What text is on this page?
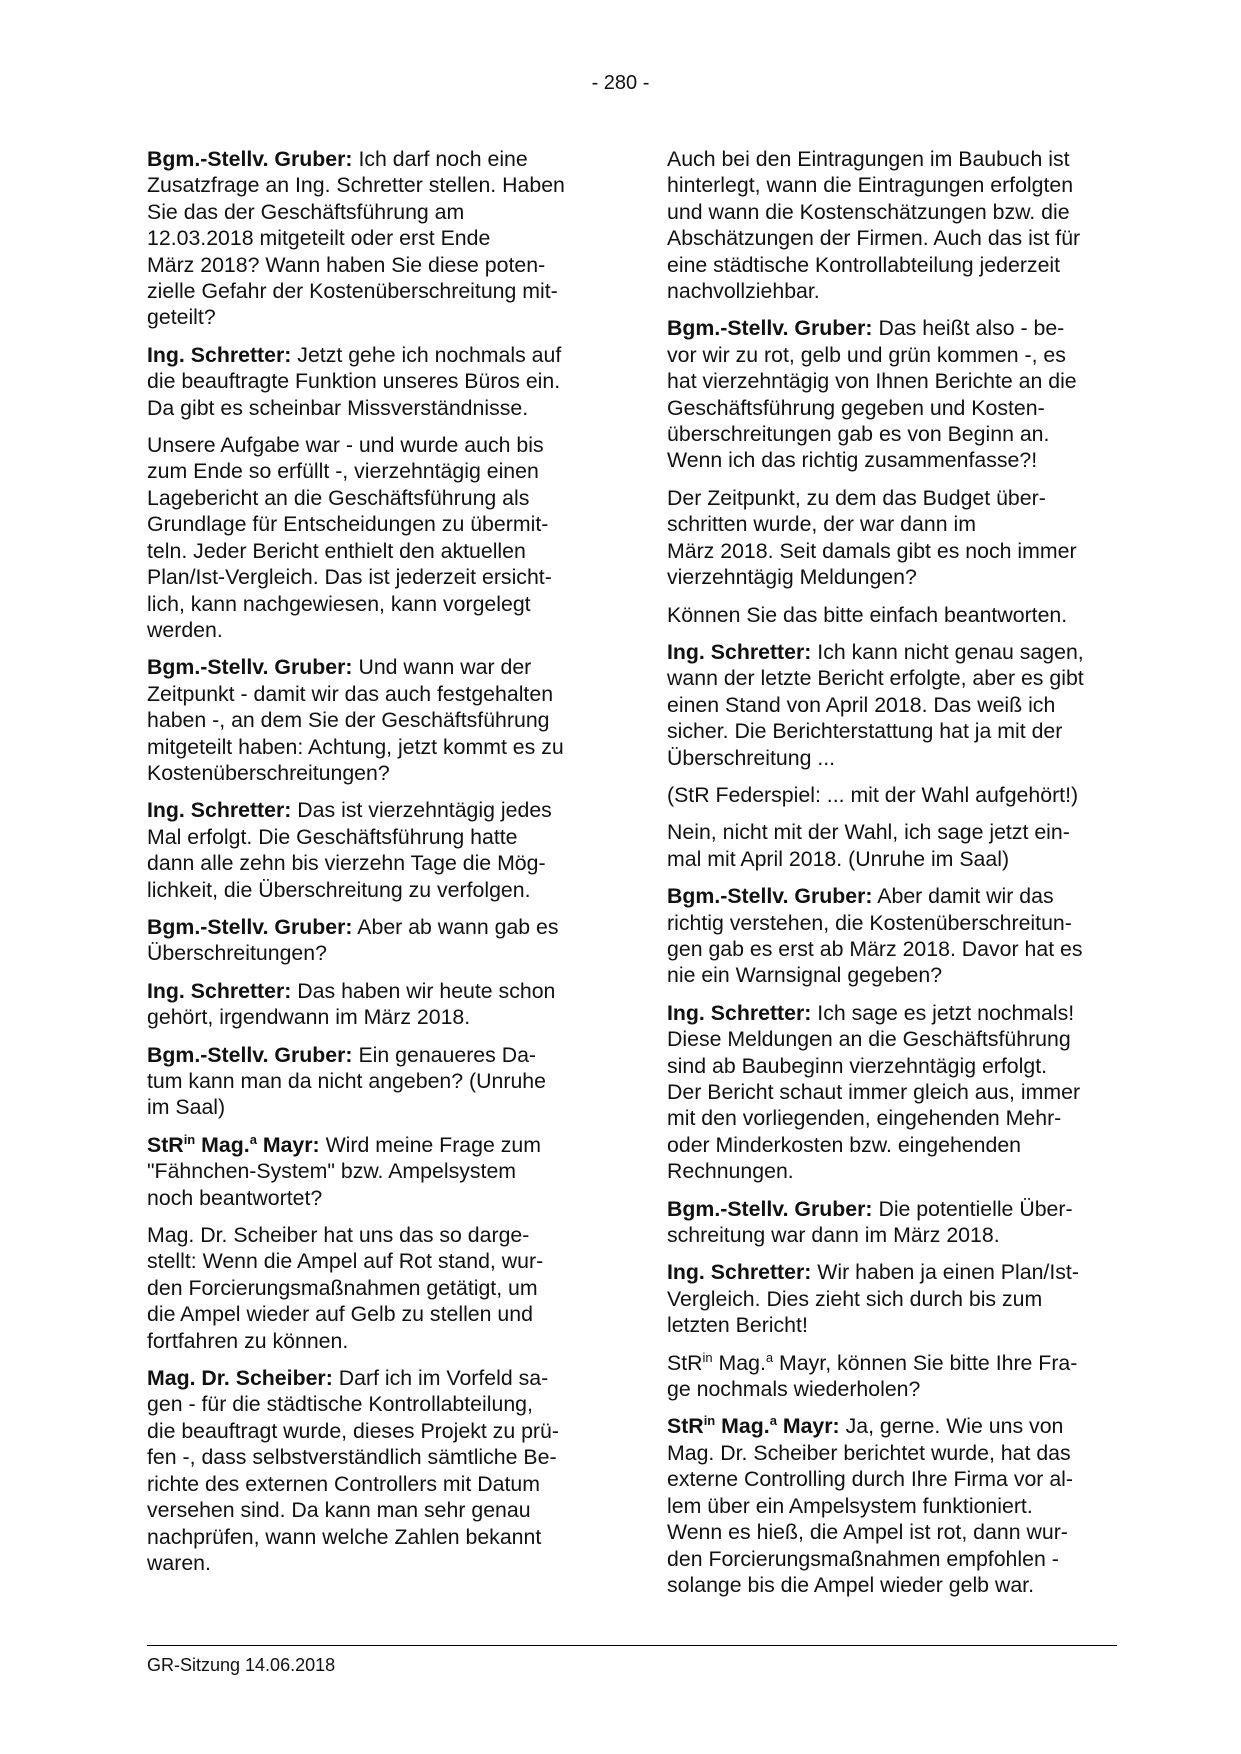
- 280 -
Bgm.-Stellv. Gruber: Ich darf noch eine
Zusatzfrage an Ing. Schretter stellen. Haben
Sie das der Geschäftsführung am
12.03.2018 mitgeteilt oder erst Ende
März 2018? Wann haben Sie diese poten-
zielle Gefahr der Kostenüberschreitung mit-
geteilt?
Ing. Schretter: Jetzt gehe ich nochmals auf
die beauftragte Funktion unseres Büros ein.
Da gibt es scheinbar Missverständnisse.
Unsere Aufgabe war - und wurde auch bis
zum Ende so erfüllt -, vierzehntägig einen
Lagebericht an die Geschäftsführung als
Grundlage für Entscheidungen zu übermit-
teln. Jeder Bericht enthielt den aktuellen
Plan/Ist-Vergleich. Das ist jederzeit ersicht-
lich, kann nachgewiesen, kann vorgelegt
werden.
Bgm.-Stellv. Gruber: Und wann war der
Zeitpunkt - damit wir das auch festgehalten
haben -, an dem Sie der Geschäftsführung
mitgeteilt haben: Achtung, jetzt kommt es zu
Kostenüberschreitungen?
Ing. Schretter: Das ist vierzehntägig jedes
Mal erfolgt. Die Geschäftsführung hatte
dann alle zehn bis vierzehn Tage die Mög-
lichkeit, die Überschreitung zu verfolgen.
Bgm.-Stellv. Gruber: Aber ab wann gab es
Überschreitungen?
Ing. Schretter: Das haben wir heute schon
gehört, irgendwann im März 2018.
Bgm.-Stellv. Gruber: Ein genaueres Da-
tum kann man da nicht angeben? (Unruhe
im Saal)
StR$^{in}$ Mag.$^a$ Mayr: Wird meine Frage zum
"Fähnchen-System" bzw. Ampelsystem
noch beantwortet?
Mag. Dr. Scheiber hat uns das so darge-
stellt: Wenn die Ampel auf Rot stand, wur-
den Forcierungsmaßnahmen getätigt, um
die Ampel wieder auf Gelb zu stellen und
fortfahren zu können.
Mag. Dr. Scheiber: Darf ich im Vorfeld sa-
gen - für die städtische Kontrollabteilung,
die beauftragt wurde, dieses Projekt zu prü-
fen -, dass selbstverständlich sämtliche Be-
richte des externen Controllers mit Datum
versehen sind. Da kann man sehr genau
nachprüfen, wann welche Zahlen bekannt
waren.
Auch bei den Eintragungen im Baubuch ist
hinterlegt, wann die Eintragungen erfolgten
und wann die Kostenschätzungen bzw. die
Abschätzungen der Firmen. Auch das ist für
eine städtische Kontrollabteilung jederzeit
nachvollziehbar.
Bgm.-Stellv. Gruber: Das heißt also - be-
vor wir zu rot, gelb und grün kommen -, es
hat vierzehntägig von Ihnen Berichte an die
Geschäftsführung gegeben und Kosten-
überschreitungen gab es von Beginn an.
Wenn ich das richtig zusammenfasse?!
Der Zeitpunkt, zu dem das Budget über-
schritten wurde, der war dann im
März 2018. Seit damals gibt es noch immer
vierzehntägig Meldungen?
Können Sie das bitte einfach beantworten.
Ing. Schretter: Ich kann nicht genau sagen,
wann der letzte Bericht erfolgte, aber es gibt
einen Stand von April 2018. Das weiß ich
sicher. Die Berichterstattung hat ja mit der
Überschreitung ...
(StR Federspiel: ... mit der Wahl aufgehört!)
Nein, nicht mit der Wahl, ich sage jetzt ein-
mal mit April 2018. (Unruhe im Saal)
Bgm.-Stellv. Gruber: Aber damit wir das
richtig verstehen, die Kostenüberschreitun-
gen gab es erst ab März 2018. Davor hat es
nie ein Warnsignal gegeben?
Ing. Schretter: Ich sage es jetzt nochmals!
Diese Meldungen an die Geschäftsführung
sind ab Baubeginn vierzehntägig erfolgt.
Der Bericht schaut immer gleich aus, immer
mit den vorliegenden, eingehenden Mehr-
oder Minderkosten bzw. eingehenden
Rechnungen.
Bgm.-Stellv. Gruber: Die potentielle Über-
schreitung war dann im März 2018.
Ing. Schretter: Wir haben ja einen Plan/Ist-
Vergleich. Dies zieht sich durch bis zum
letzten Bericht!
StR$^{in}$ Mag.$^a$ Mayr, können Sie bitte Ihre Fra-
ge nochmals wiederholen?
StR$^{in}$ Mag.$^a$ Mayr: Ja, gerne. Wie uns von
Mag. Dr. Scheiber berichtet wurde, hat das
externe Controlling durch Ihre Firma vor al-
lem über ein Ampelsystem funktioniert.
Wenn es hieß, die Ampel ist rot, dann wur-
den Forcierungsmaßnahmen empfohlen -
solange bis die Ampel wieder gelb war.
GR-Sitzung 14.06.2018
